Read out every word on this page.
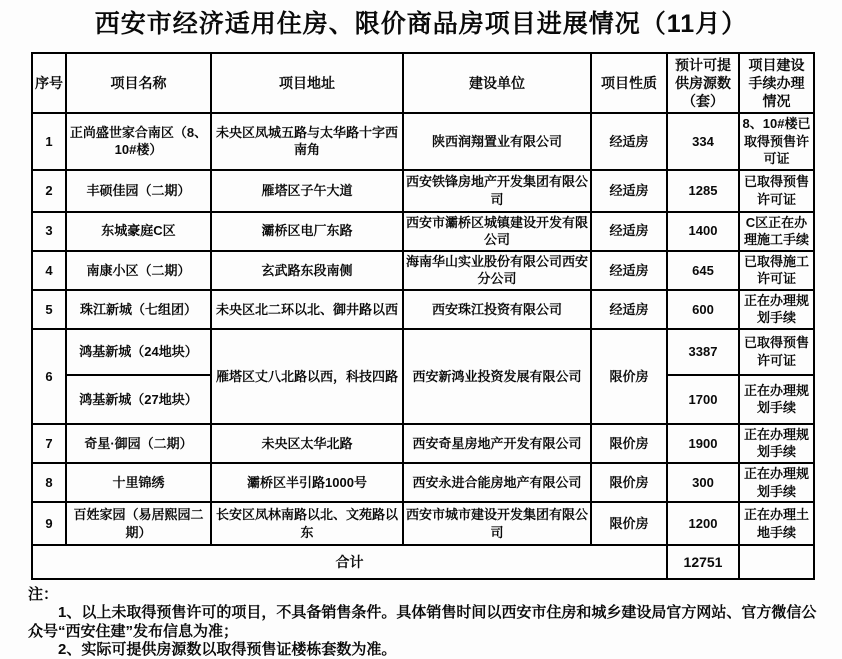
西安市经济适用住房、限价商品房项目进展情况（11月）
序号	项目名称	项目地址	建设单位	项目性质	预计可提供房源数（套）	项目建设手续办理情况
1	正尚盛世家合南区（8、10#楼）	未央区凤城五路与太华路十字西南角	陕西润翔置业有限公司	经适房	334	8、10#楼已取得预售许可证
2	丰硕佳园（二期）	雁塔区子午大道	西安铁锋房地产开发集团有限公司	经适房	1285	已取得预售许可证
3	东城豪庭C区	灞桥区电厂东路	西安市灞桥区城镇建设开发有限公司	经适房	1400	C区正在办理施工手续
4	南康小区（二期）	玄武路东段南侧	海南华山实业股份有限公司西安分公司	经适房	645	已取得施工许可证
5	珠江新城（七组团）	未央区北二环以北、御井路以西	西安珠江投资有限公司	经适房	600	正在办理规划手续
6	鸿基新城（24地块）	雁塔区丈八北路以西，科技四路	西安新鸿业投资发展有限公司	限价房	3387	已取得预售许可证
	鸿基新城（27地块）				1700	正在办理规划手续
7	奇星·御园（二期）	未央区太华北路	西安奇星房地产开发有限公司	限价房	1900	正在办理规划手续
8	十里锦绣	灞桥区半引路1000号	西安永进合能房地产有限公司	限价房	300	正在办理规划手续
9	百姓家园（易居熙园二期）	长安区凤林南路以北、文苑路以东	西安市城市建设开发集团有限公司	限价房	1200	正在办理土地手续
合计					12751	
注：

1、以上未取得预售许可的项目，不具备销售条件。具体销售时间以西安市住房和城乡建设局官方网站、官方微信公众号“西安住建”发布信息为准；

2、实际可提供房源数以取得预售证楼栋套数为准。
